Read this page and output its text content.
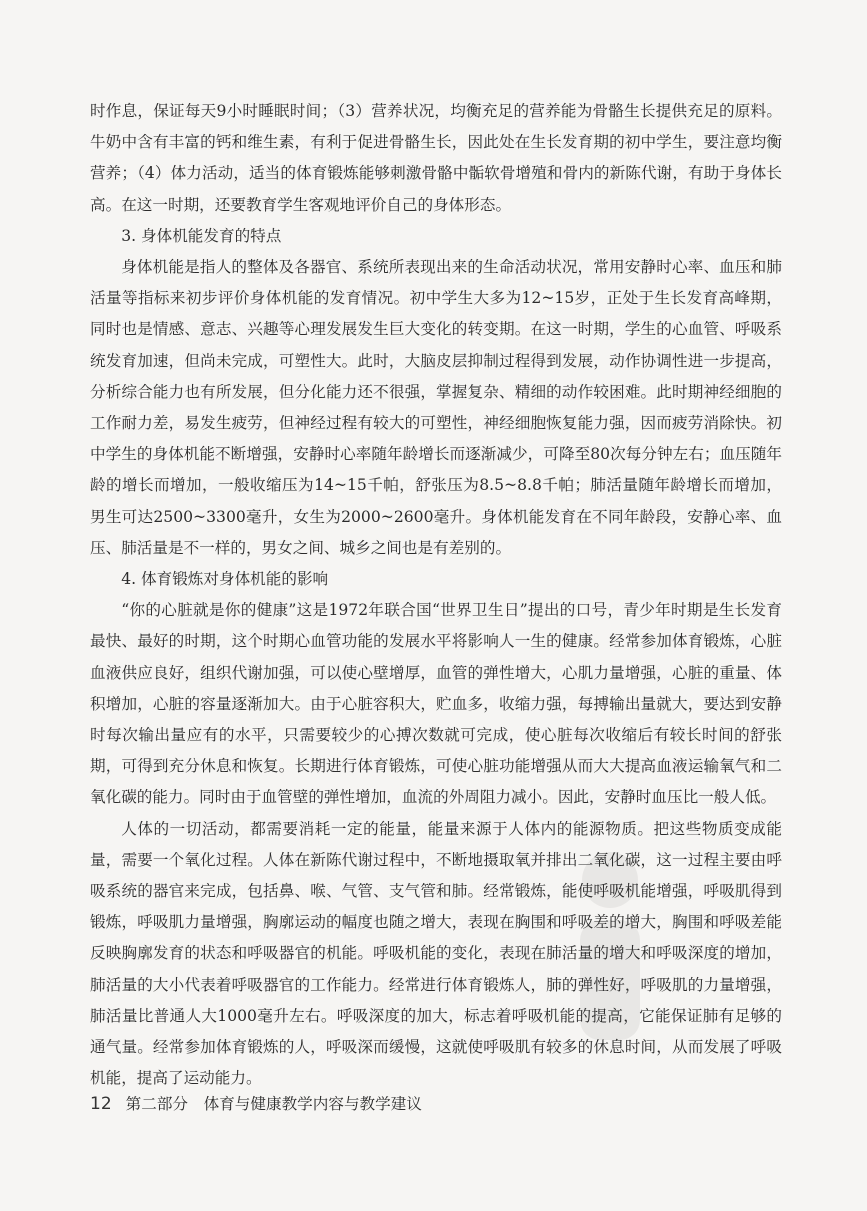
时作息，保证每天9小时睡眠时间；（3）营养状况，均衡充足的营养能为骨骼生长提供充足的原料。牛奶中含有丰富的钙和维生素，有利于促进骨骼生长，因此处在生长发育期的初中学生，要注意均衡营养；（4）体力活动，适当的体育锻炼能够刺激骨骼中骺软骨增殖和骨内的新陈代谢，有助于身体长高。在这一时期，还要教育学生客观地评价自己的身体形态。

3. 身体机能发育的特点

身体机能是指人的整体及各器官、系统所表现出来的生命活动状况，常用安静时心率、血压和肺活量等指标来初步评价身体机能的发育情况。初中学生大多为12~15岁，正处于生长发育高峰期，同时也是情感、意志、兴趣等心理发展发生巨大变化的转变期。在这一时期，学生的心血管、呼吸系统发育加速，但尚未完成，可塑性大。此时，大脑皮层抑制过程得到发展，动作协调性进一步提高，分析综合能力也有所发展，但分化能力还不很强，掌握复杂、精细的动作较困难。此时期神经细胞的工作耐力差，易发生疲劳，但神经过程有较大的可塑性，神经细胞恢复能力强，因而疲劳消除快。初中学生的身体机能不断增强，安静时心率随年龄增长而逐渐减少，可降至80次每分钟左右；血压随年龄的增长而增加，一般收缩压为14~15千帕，舒张压为8.5~8.8千帕；肺活量随年龄增长而增加，男生可达2500~3300毫升，女生为2000~2600毫升。身体机能发育在不同年龄段，安静心率、血压、肺活量是不一样的，男女之间、城乡之间也是有差别的。

4. 体育锻炼对身体机能的影响

“你的心脏就是你的健康”这是1972年联合国“世界卫生日”提出的口号，青少年时期是生长发育最快、最好的时期，这个时期心血管功能的发展水平将影响人一生的健康。经常参加体育锻炼，心脏血液供应良好，组织代谢加强，可以使心壁增厚，血管的弹性增大，心肌力量增强，心脏的重量、体积增加，心脏的容量逐渐加大。由于心脏容积大，贮血多，收缩力强，每搏输出量就大，要达到安静时每次输出量应有的水平，只需要较少的心搏次数就可完成，使心脏每次收缩后有较长时间的舒张期，可得到充分休息和恢复。长期进行体育锻炼，可使心脏功能增强从而大大提高血液运输氧气和二氧化碳的能力。同时由于血管壁的弹性增加，血流的外周阻力减小。因此，安静时血压比一般人低。

人体的一切活动，都需要消耗一定的能量，能量来源于人体内的能源物质。把这些物质变成能量，需要一个氧化过程。人体在新陈代谢过程中，不断地摄取氧并排出二氧化碳，这一过程主要由呼吸系统的器官来完成，包括鼻、喉、气管、支气管和肺。经常锻炼，能使呼吸机能增强，呼吸肌得到锻炼，呼吸肌力量增强，胸廓运动的幅度也随之增大，表现在胸围和呼吸差的增大，胸围和呼吸差能反映胸廓发育的状态和呼吸器官的机能。呼吸机能的变化，表现在肺活量的增大和呼吸深度的增加，肺活量的大小代表着呼吸器官的工作能力。经常进行体育锻炼人，肺的弹性好，呼吸肌的力量增强，肺活量比普通人大1000毫升左右。呼吸深度的加大，标志着呼吸机能的提高，它能保证肺有足够的通气量。经常参加体育锻炼的人，呼吸深而缓慢，这就使呼吸肌有较多的休息时间，从而发展了呼吸机能，提高了运动能力。

12 第二部分　体育与健康教学内容与教学建议
